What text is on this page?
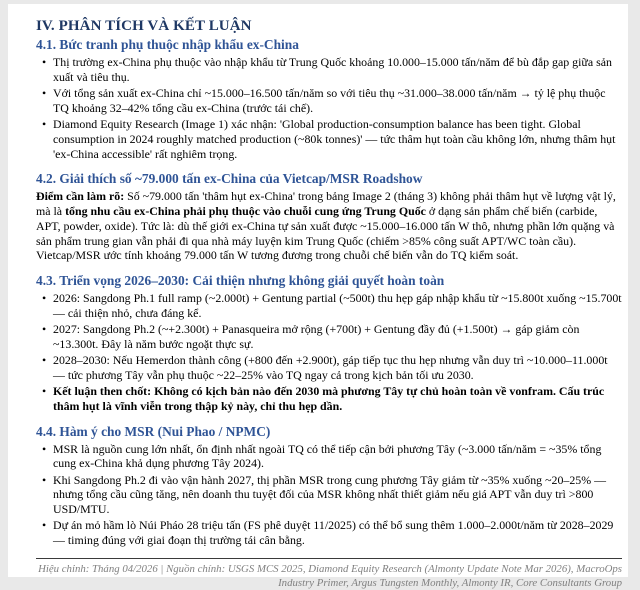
IV. PHÂN TÍCH VÀ KẾT LUẬN
4.1. Bức tranh phụ thuộc nhập khẩu ex-China
• Thị trường ex-China phụ thuộc vào nhập khẩu từ Trung Quốc khoảng 10.000–15.000 tấn/năm để bù đắp gap giữa sản xuất và tiêu thụ.
• Với tổng sản xuất ex-China chỉ ~15.000–16.500 tấn/năm so với tiêu thụ ~31.000–38.000 tấn/năm → tỷ lệ phụ thuộc TQ khoảng 32–42% tổng cầu ex-China (trước tái chế).
• Diamond Equity Research (Image 1) xác nhận: 'Global production-consumption balance has been tight. Global consumption in 2024 roughly matched production (~80k tonnes)' — tức thâm hụt toàn cầu không lớn, nhưng thâm hụt 'ex-China accessible' rất nghiêm trọng.
4.2. Giải thích số ~79.000 tấn ex-China của Vietcap/MSR Roadshow

Điểm cần làm rõ: Số ~79.000 tấn 'thâm hụt ex-China' trong bảng Image 2 (tháng 3) không phải thâm hụt về lượng vật lý, mà là tổng nhu cầu ex-China phải phụ thuộc vào chuỗi cung ứng Trung Quốc ở dạng sản phẩm chế biến (carbide, APT, powder, oxide). Tức là: dù thế giới ex-China tự sản xuất được ~15.000–16.000 tấn W thô, nhưng phần lớn quặng và sản phẩm trung gian vẫn phải đi qua nhà máy luyện kim Trung Quốc (chiếm >85% công suất APT/WC toàn cầu). Vietcap/MSR ước tính khoảng 79.000 tấn W tương đương trong chuỗi chế biến vẫn do TQ kiểm soát.

4.3. Triển vọng 2026–2030: Cải thiện nhưng không giải quyết hoàn toàn
• 2026: Sangdong Ph.1 full ramp (~2.000t) + Gentung partial (~500t) thu hẹp gáp nhập khẩu từ ~15.800t xuống ~15.700t — cải thiện nhỏ, chưa đáng kể.
• 2027: Sangdong Ph.2 (~+2.300t) + Panasqueira mở rộng (+700t) + Gentung đầy đủ (+1.500t) → gáp giảm còn ~13.300t. Đây là năm bước ngoặt thực sự.
• 2028–2030: Nếu Hemerdon thành công (+800 đến +2.900t), gáp tiếp tục thu hẹp nhưng vẫn duy trì ~10.000–11.000t — tức phương Tây vẫn phụ thuộc ~22–25% vào TQ ngay cả trong kịch bản tối ưu 2030.
• Kết luận then chốt: Không có kịch bản nào đến 2030 mà phương Tây tự chủ hoàn toàn về vonfram. Cấu trúc thâm hụt là vĩnh viễn trong thập kỷ này, chỉ thu hẹp dần.
4.4. Hàm ý cho MSR (Nui Phao / NPMC)
• MSR là nguồn cung lớn nhất, ổn định nhất ngoài TQ có thể tiếp cận bởi phương Tây (~3.000 tấn/năm = ~35% tổng cung ex-China khả dụng phương Tây 2024).
• Khi Sangdong Ph.2 đi vào vận hành 2027, thị phần MSR trong cung phương Tây giảm từ ~35% xuống ~20–25% — nhưng tổng cầu cũng tăng, nên doanh thu tuyệt đối của MSR không nhất thiết giảm nếu giá APT vẫn duy trì >800 USD/MTU.
• Dự án mỏ hầm lò Núi Pháo 28 triệu tấn (FS phê duyệt 11/2025) có thể bổ sung thêm 1.000–2.000t/năm từ 2028–2029 — timing đúng với giai đoạn thị trường tái cân bằng.
Hiệu chỉnh: Tháng 04/2026 | Nguồn chính: USGS MCS 2025, Diamond Equity Research (Almonty Update Note Mar 2026), MacroOps Industry Primer, Argus Tungsten Monthly, Almonty IR, Core Consultants Group
